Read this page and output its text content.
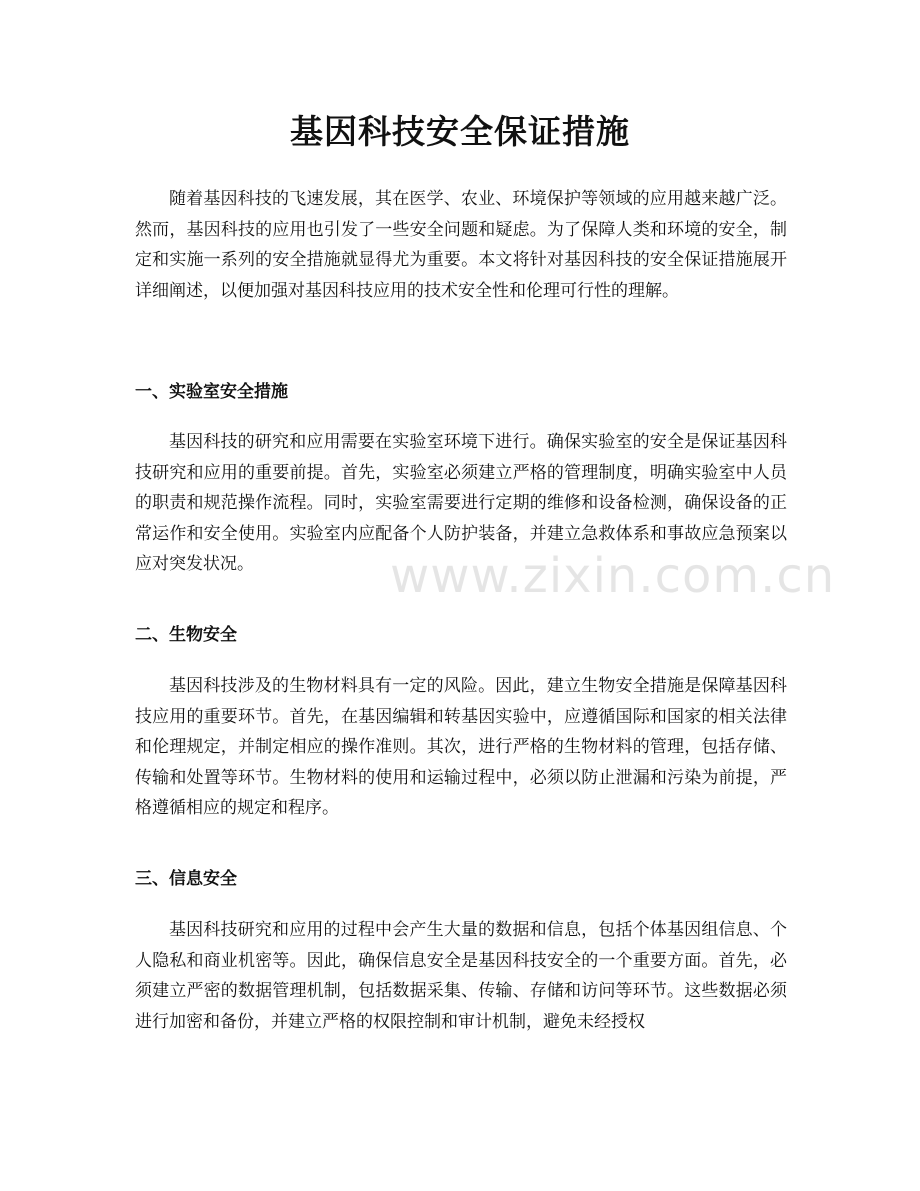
基因科技安全保证措施

随着基因科技的飞速发展，其在医学、农业、环境保护等领域的应用越来越广泛。然而，基因科技的应用也引发了一些安全问题和疑虑。为了保障人类和环境的安全，制定和实施一系列的安全措施就显得尤为重要。本文将针对基因科技的安全保证措施展开详细阐述，以便加强对基因科技应用的技术安全性和伦理可行性的理解。

一、实验室安全措施

基因科技的研究和应用需要在实验室环境下进行。确保实验室的安全是保证基因科技研究和应用的重要前提。首先，实验室必须建立严格的管理制度，明确实验室中人员的职责和规范操作流程。同时，实验室需要进行定期的维修和设备检测，确保设备的正常运作和安全使用。实验室内应配备个人防护装备，并建立急救体系和事故应急预案以应对突发状况。

二、生物安全

基因科技涉及的生物材料具有一定的风险。因此，建立生物安全措施是保障基因科技应用的重要环节。首先，在基因编辑和转基因实验中，应遵循国际和国家的相关法律和伦理规定，并制定相应的操作准则。其次，进行严格的生物材料的管理，包括存储、传输和处置等环节。生物材料的使用和运输过程中，必须以防止泄漏和污染为前提，严格遵循相应的规定和程序。

三、信息安全

基因科技研究和应用的过程中会产生大量的数据和信息，包括个体基因组信息、个人隐私和商业机密等。因此，确保信息安全是基因科技安全的一个重要方面。首先，必须建立严密的数据管理机制，包括数据采集、传输、存储和访问等环节。这些数据必须进行加密和备份，并建立严格的权限控制和审计机制，避免未经授权

www.zixin.com.cn
